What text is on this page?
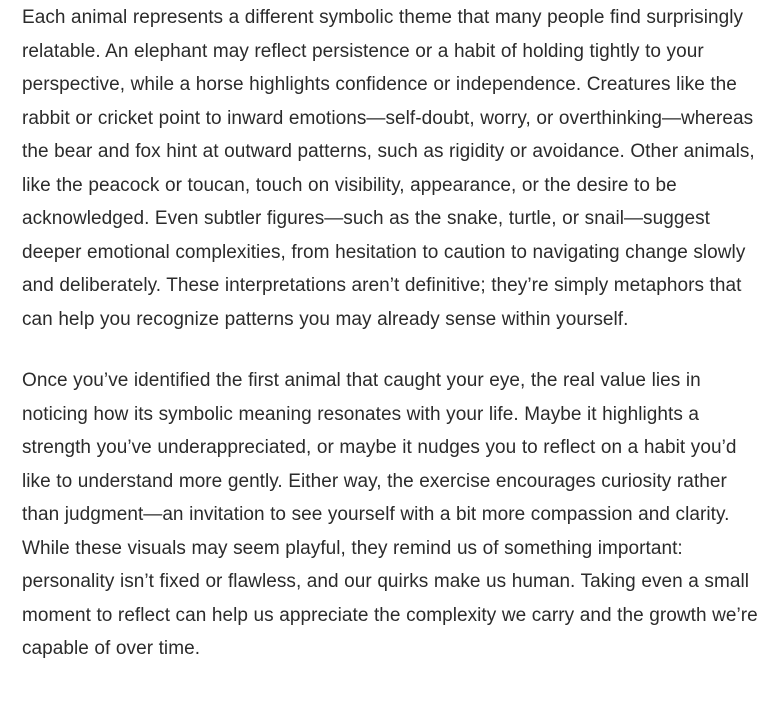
Each animal represents a different symbolic theme that many people find surprisingly relatable. An elephant may reflect persistence or a habit of holding tightly to your perspective, while a horse highlights confidence or independence. Creatures like the rabbit or cricket point to inward emotions—self-doubt, worry, or overthinking—whereas the bear and fox hint at outward patterns, such as rigidity or avoidance. Other animals, like the peacock or toucan, touch on visibility, appearance, or the desire to be acknowledged. Even subtler figures—such as the snake, turtle, or snail—suggest deeper emotional complexities, from hesitation to caution to navigating change slowly and deliberately. These interpretations aren’t definitive; they’re simply metaphors that can help you recognize patterns you may already sense within yourself.

Once you’ve identified the first animal that caught your eye, the real value lies in noticing how its symbolic meaning resonates with your life. Maybe it highlights a strength you’ve underappreciated, or maybe it nudges you to reflect on a habit you’d like to understand more gently. Either way, the exercise encourages curiosity rather than judgment—an invitation to see yourself with a bit more compassion and clarity. While these visuals may seem playful, they remind us of something important: personality isn’t fixed or flawless, and our quirks make us human. Taking even a small moment to reflect can help us appreciate the complexity we carry and the growth we’re capable of over time.
